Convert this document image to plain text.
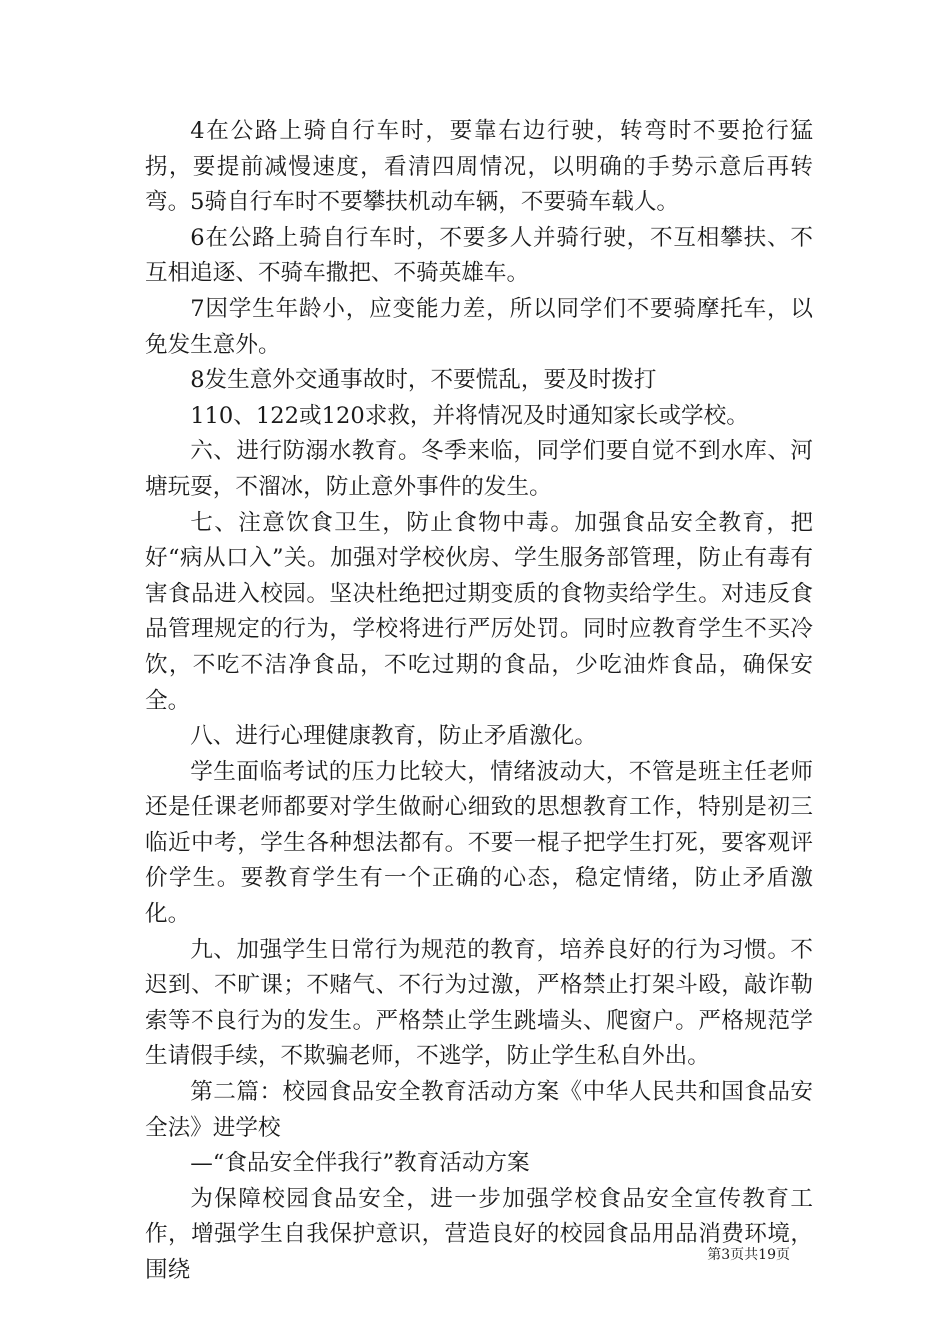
4在公路上骑自行车时，要靠右边行驶，转弯时不要抢行猛拐，要提前减慢速度，看清四周情况，以明确的手势示意后再转弯。5骑自行车时不要攀扶机动车辆，不要骑车载人。

6在公路上骑自行车时，不要多人并骑行驶，不互相攀扶、不互相追逐、不骑车撒把、不骑英雄车。

7因学生年龄小，应变能力差，所以同学们不要骑摩托车，以免发生意外。

8发生意外交通事故时，不要慌乱，要及时拨打

110、122或120求救，并将情况及时通知家长或学校。

六、进行防溺水教育。冬季来临，同学们要自觉不到水库、河塘玩耍，不溜冰，防止意外事件的发生。

七、注意饮食卫生，防止食物中毒。加强食品安全教育，把好“病从口入”关。加强对学校伙房、学生服务部管理，防止有毒有害食品进入校园。坚决杜绝把过期变质的食物卖给学生。对违反食品管理规定的行为，学校将进行严厉处罚。同时应教育学生不买冷饮，不吃不洁净食品，不吃过期的食品，少吃油炸食品，确保安全。

八、进行心理健康教育，防止矛盾激化。

学生面临考试的压力比较大，情绪波动大，不管是班主任老师还是任课老师都要对学生做耐心细致的思想教育工作，特别是初三临近中考，学生各种想法都有。不要一棍子把学生打死，要客观评价学生。要教育学生有一个正确的心态，稳定情绪，防止矛盾激化。

九、加强学生日常行为规范的教育，培养良好的行为习惯。不迟到、不旷课；不赌气、不行为过激，严格禁止打架斗殴，敲诈勒索等不良行为的发生。严格禁止学生跳墙头、爬窗户。严格规范学生请假手续，不欺骗老师，不逃学，防止学生私自外出。

第二篇：校园食品安全教育活动方案《中华人民共和国食品安全法》进学校

—“食品安全伴我行”教育活动方案

为保障校园食品安全，进一步加强学校食品安全宣传教育工作，增强学生自我保护意识，营造良好的校园食品用品消费环境，围绕

第3页共19页
